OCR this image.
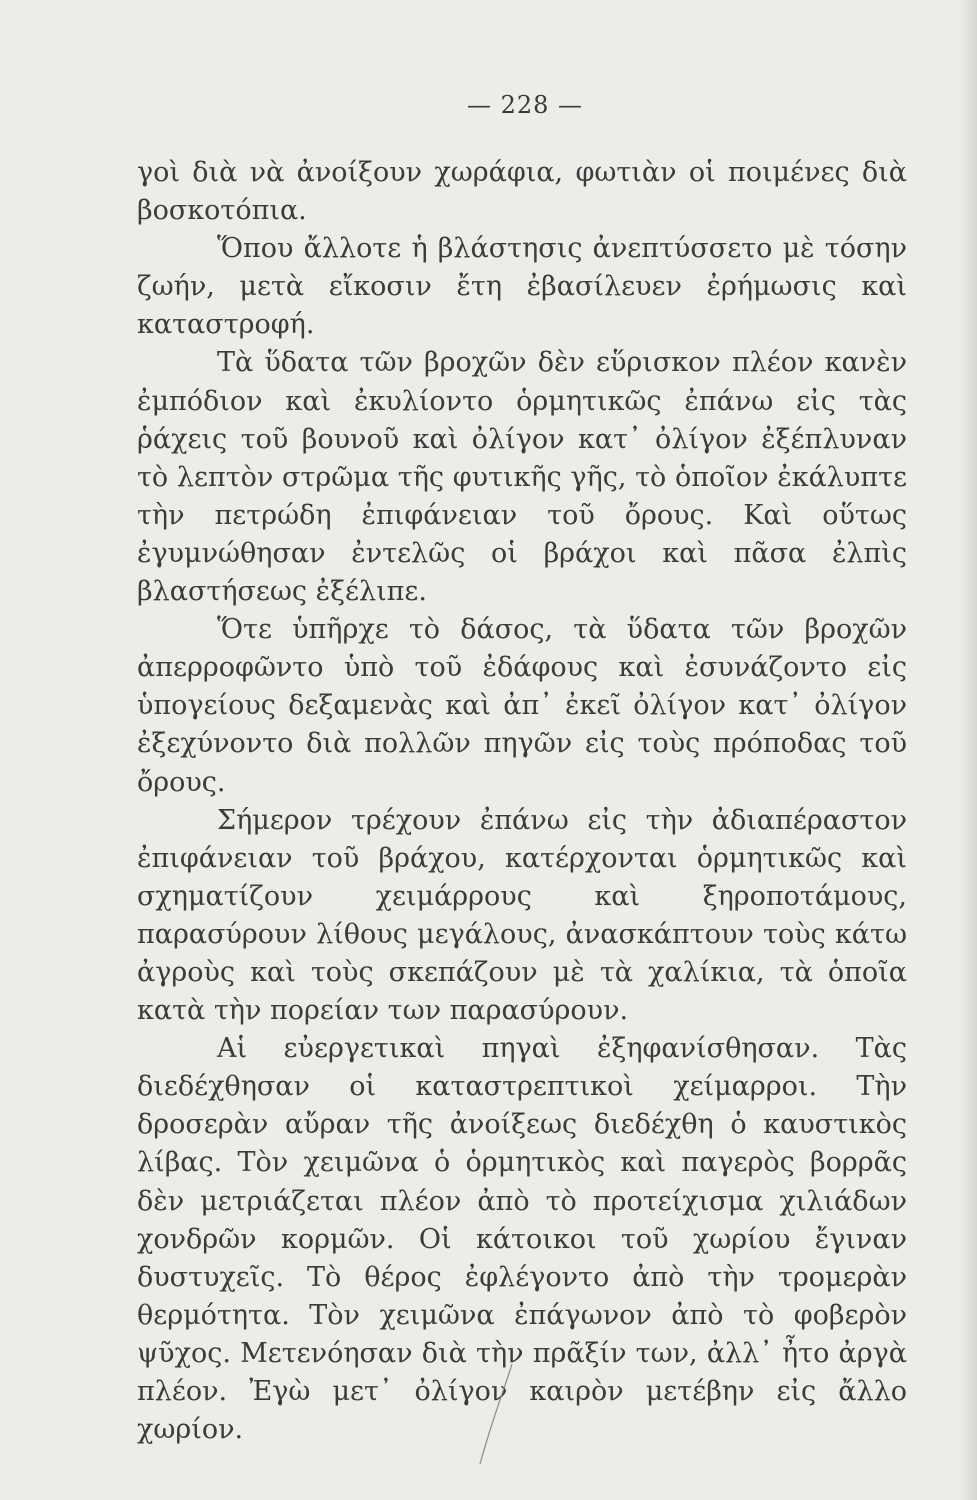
— 228 —

γοὶ διὰ νὰ ἀνοίξουν χωράφια, φωτιὰν οἱ ποιμένες διὰ βοσκοτόπια.

Ὅπου ἄλλοτε ἡ βλάστησις ἀνεπτύσσετο μὲ τόσην ζωήν, μετὰ εἴκοσιν ἔτη ἐβασίλευεν ἐρήμωσις καὶ καταστροφή.

Τὰ ὕδατα τῶν βροχῶν δὲν εὕρισκον πλέον κανὲν ἐμπόδιον καὶ ἐκυλίοντο ὁρμητικῶς ἐπάνω εἰς τὰς ῥάχεις τοῦ βουνοῦ καὶ ὀλίγον κατ᾽ ὀλίγον ἐξέπλυναν τὸ λεπτὸν στρῶμα τῆς φυτικῆς γῆς, τὸ ὁποῖον ἐκάλυπτε τὴν πετρώδη ἐπιφάνειαν τοῦ ὄρους. Καὶ οὕτως ἐγυμνώθησαν ἐντελῶς οἱ βράχοι καὶ πᾶσα ἐλπὶς βλαστήσεως ἐξέλιπε.

Ὅτε ὑπῆρχε τὸ δάσος, τὰ ὕδατα τῶν βροχῶν ἀπερροφῶντο ὑπὸ τοῦ ἐδάφους καὶ ἐσυνάζοντο εἰς ὑπογείους δεξαμενὰς καὶ ἀπ᾽ ἐκεῖ ὀλίγον κατ᾽ ὀλίγον ἐξεχύνοντο διὰ πολλῶν πηγῶν εἰς τοὺς πρόποδας τοῦ ὄρους.

Σήμερον τρέχουν ἐπάνω εἰς τὴν ἀδιαπέραστον ἐπιφάνειαν τοῦ βράχου, κατέρχονται ὁρμητικῶς καὶ σχηματίζουν χειμάρρους καὶ ξηροποτάμους, παρασύρουν λίθους μεγάλους, ἀνασκάπτουν τοὺς κάτω ἀγροὺς καὶ τοὺς σκεπάζουν μὲ τὰ χαλίκια, τὰ ὁποῖα κατὰ τὴν πορείαν των παρασύρουν.

Αἱ εὐεργετικαὶ πηγαὶ ἐξηφανίσθησαν. Τὰς διεδέχθησαν οἱ καταστρεπτικοὶ χείμαρροι. Τὴν δροσερὰν αὔραν τῆς ἀνοίξεως διεδέχθη ὁ καυστικὸς λίβας. Τὸν χειμῶνα ὁ ὁρμητικὸς καὶ παγερὸς βορρᾶς δὲν μετριάζεται πλέον ἀπὸ τὸ προτείχισμα χιλιάδων χονδρῶν κορμῶν. Οἱ κάτοικοι τοῦ χωρίου ἔγιναν δυστυχεῖς. Τὸ θέρος ἐφλέγοντο ἀπὸ τὴν τρομερὰν θερμότητα. Τὸν χειμῶνα ἐπάγωνον ἀπὸ τὸ φοβερὸν ψῦχος. Μετενόησαν διὰ τὴν πρᾶξίν των, ἀλλ᾽ ἦτο ἀργὰ πλέον. Ἐγὼ μετ᾽ ὀλίγον καιρὸν μετέβην εἰς ἄλλο χωρίον.
